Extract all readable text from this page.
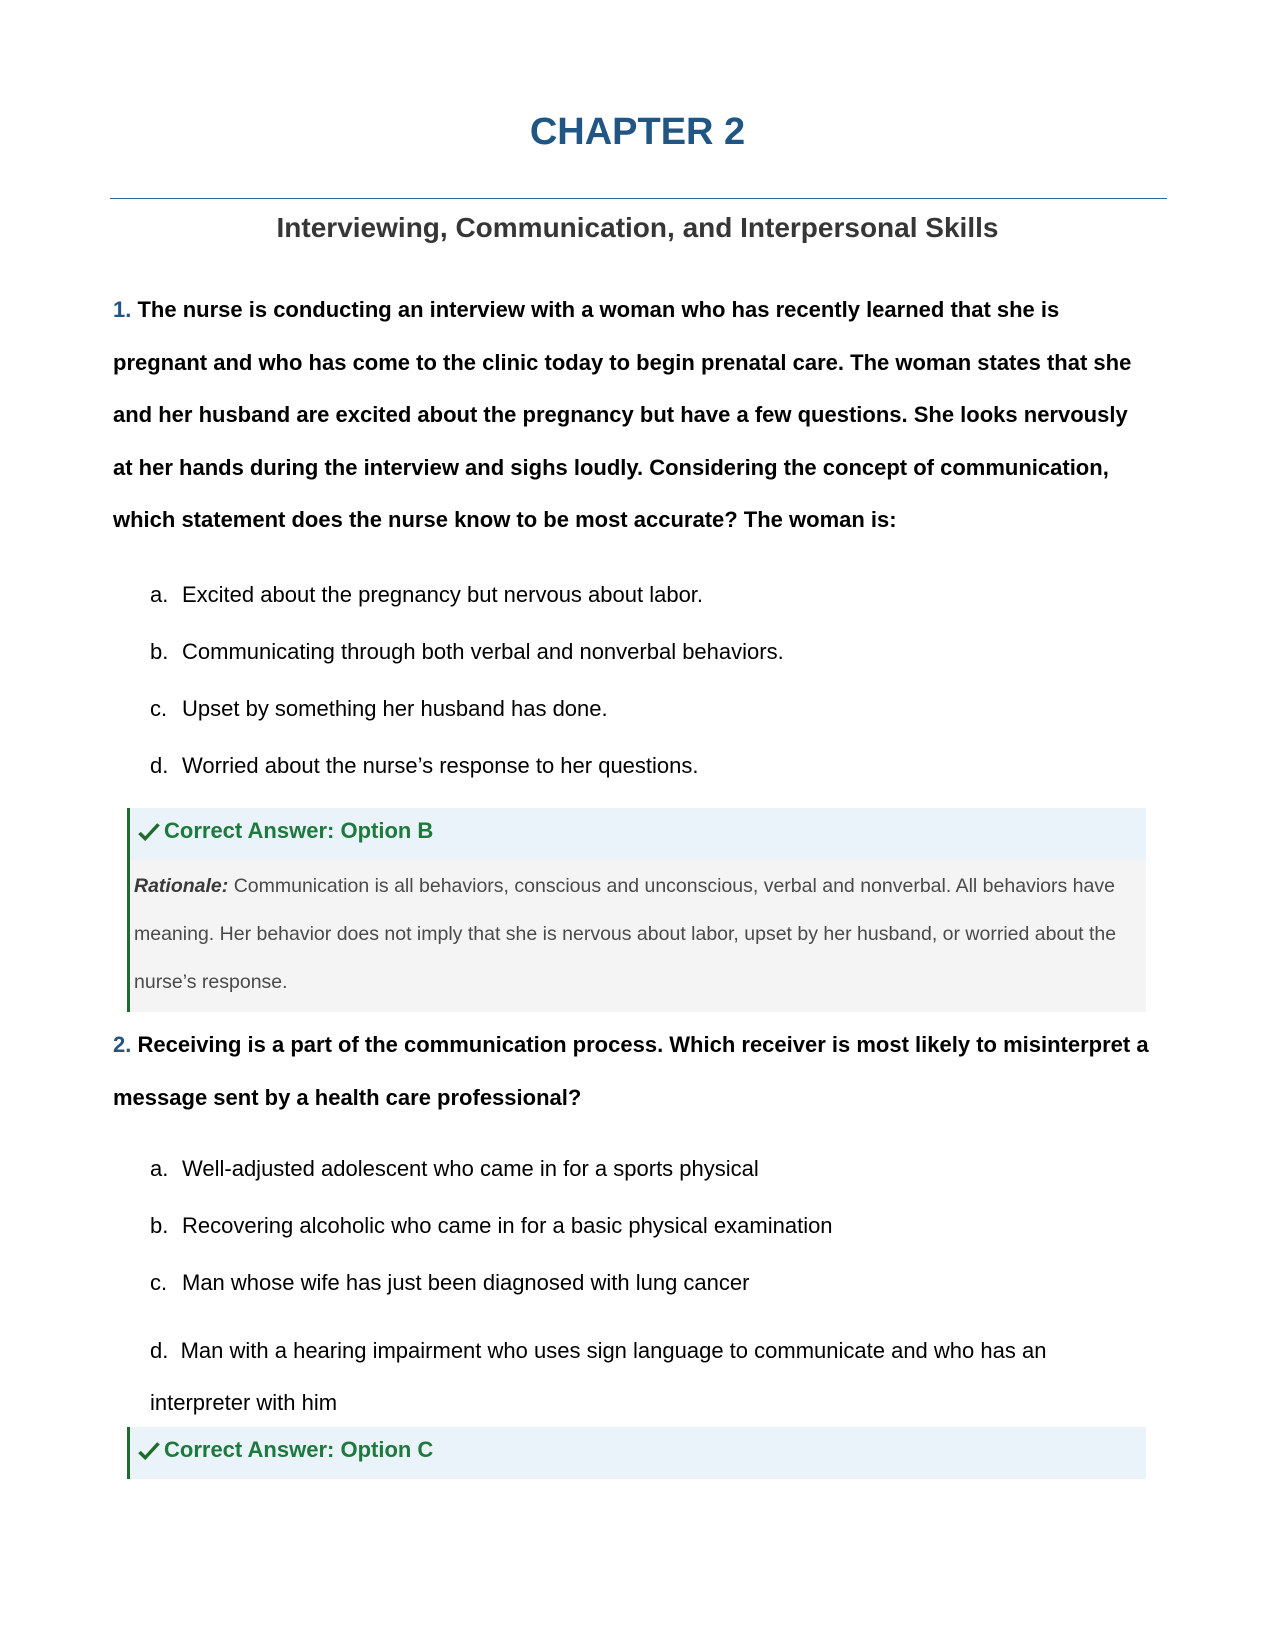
CHAPTER 2
Interviewing, Communication, and Interpersonal Skills
1. The nurse is conducting an interview with a woman who has recently learned that she is pregnant and who has come to the clinic today to begin prenatal care. The woman states that she and her husband are excited about the pregnancy but have a few questions. She looks nervously at her hands during the interview and sighs loudly. Considering the concept of communication, which statement does the nurse know to be most accurate? The woman is:
Correct Answer: Option B
Rationale: Communication is all behaviors, conscious and unconscious, verbal and nonverbal. All behaviors have meaning. Her behavior does not imply that she is nervous about labor, upset by her husband, or worried about the nurse’s response.
2. Receiving is a part of the communication process. Which receiver is most likely to misinterpret a message sent by a health care professional?
Correct Answer: Option C
a. Excited about the pregnancy but nervous about labor.
b. Communicating through both verbal and nonverbal behaviors.
c. Upset by something her husband has done.
d. Worried about the nurse’s response to her questions.
a. Well-adjusted adolescent who came in for a sports physical
b. Recovering alcoholic who came in for a basic physical examination
c. Man whose wife has just been diagnosed with lung cancer
d. Man with a hearing impairment who uses sign language to communicate and who has an interpreter with him
